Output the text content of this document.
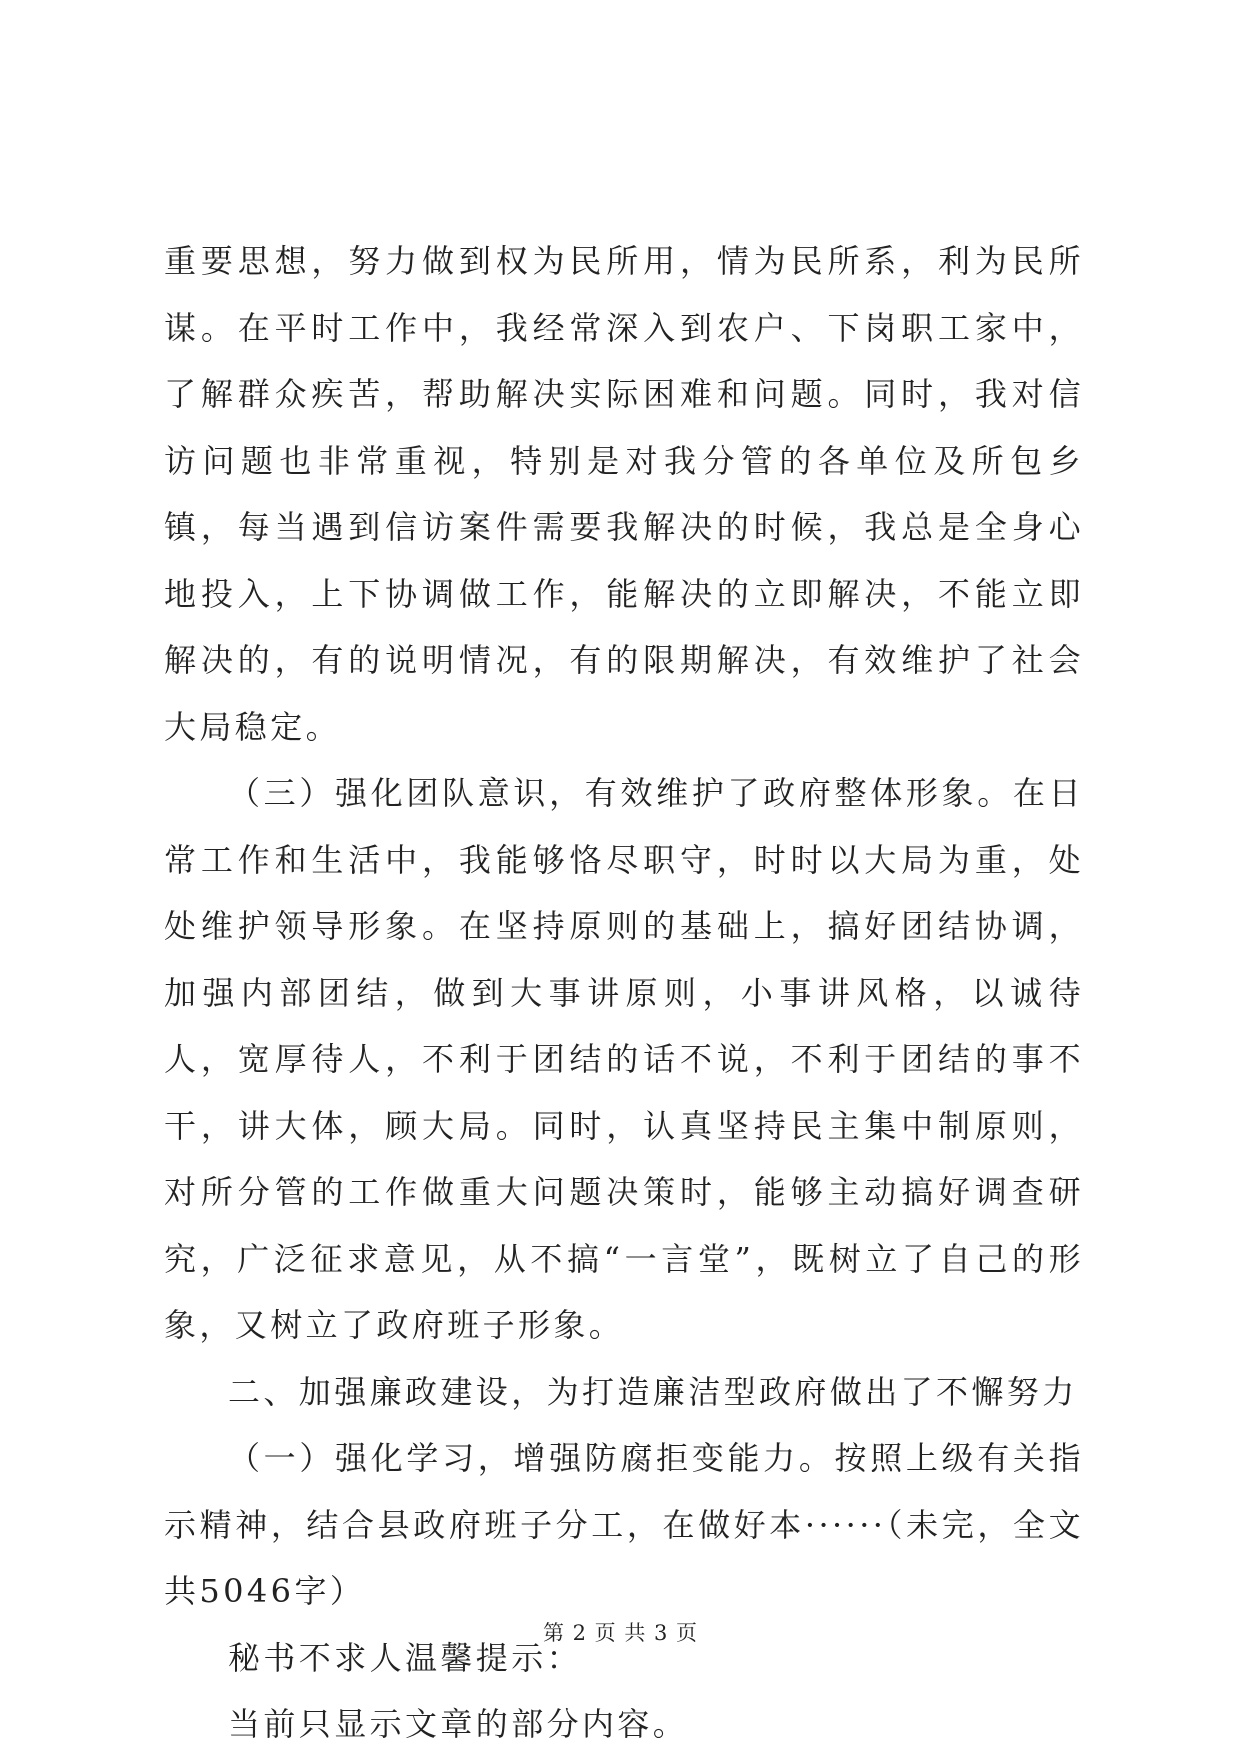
重要思想，努力做到权为民所用，情为民所系，利为民所谋。在平时工作中，我经常深入到农户、下岗职工家中，了解群众疾苦，帮助解决实际困难和问题。同时，我对信访问题也非常重视，特别是对我分管的各单位及所包乡镇，每当遇到信访案件需要我解决的时候，我总是全身心地投入，上下协调做工作，能解决的立即解决，不能立即解决的，有的说明情况，有的限期解决，有效维护了社会大局稳定。

（三）强化团队意识，有效维护了政府整体形象。在日常工作和生活中，我能够恪尽职守，时时以大局为重，处处维护领导形象。在坚持原则的基础上，搞好团结协调，加强内部团结，做到大事讲原则，小事讲风格，以诚待人，宽厚待人，不利于团结的话不说，不利于团结的事不干，讲大体，顾大局。同时，认真坚持民主集中制原则，对所分管的工作做重大问题决策时，能够主动搞好调查研究，广泛征求意见，从不搞“一言堂”，既树立了自己的形象，又树立了政府班子形象。

二、加强廉政建设，为打造廉洁型政府做出了不懈努力

（一）强化学习，增强防腐拒变能力。按照上级有关指示精神，结合县政府班子分工，在做好本······（未完，全文共5046字）

秘书不求人温馨提示：

当前只显示文章的部分内容。

第 2 页 共 3 页
